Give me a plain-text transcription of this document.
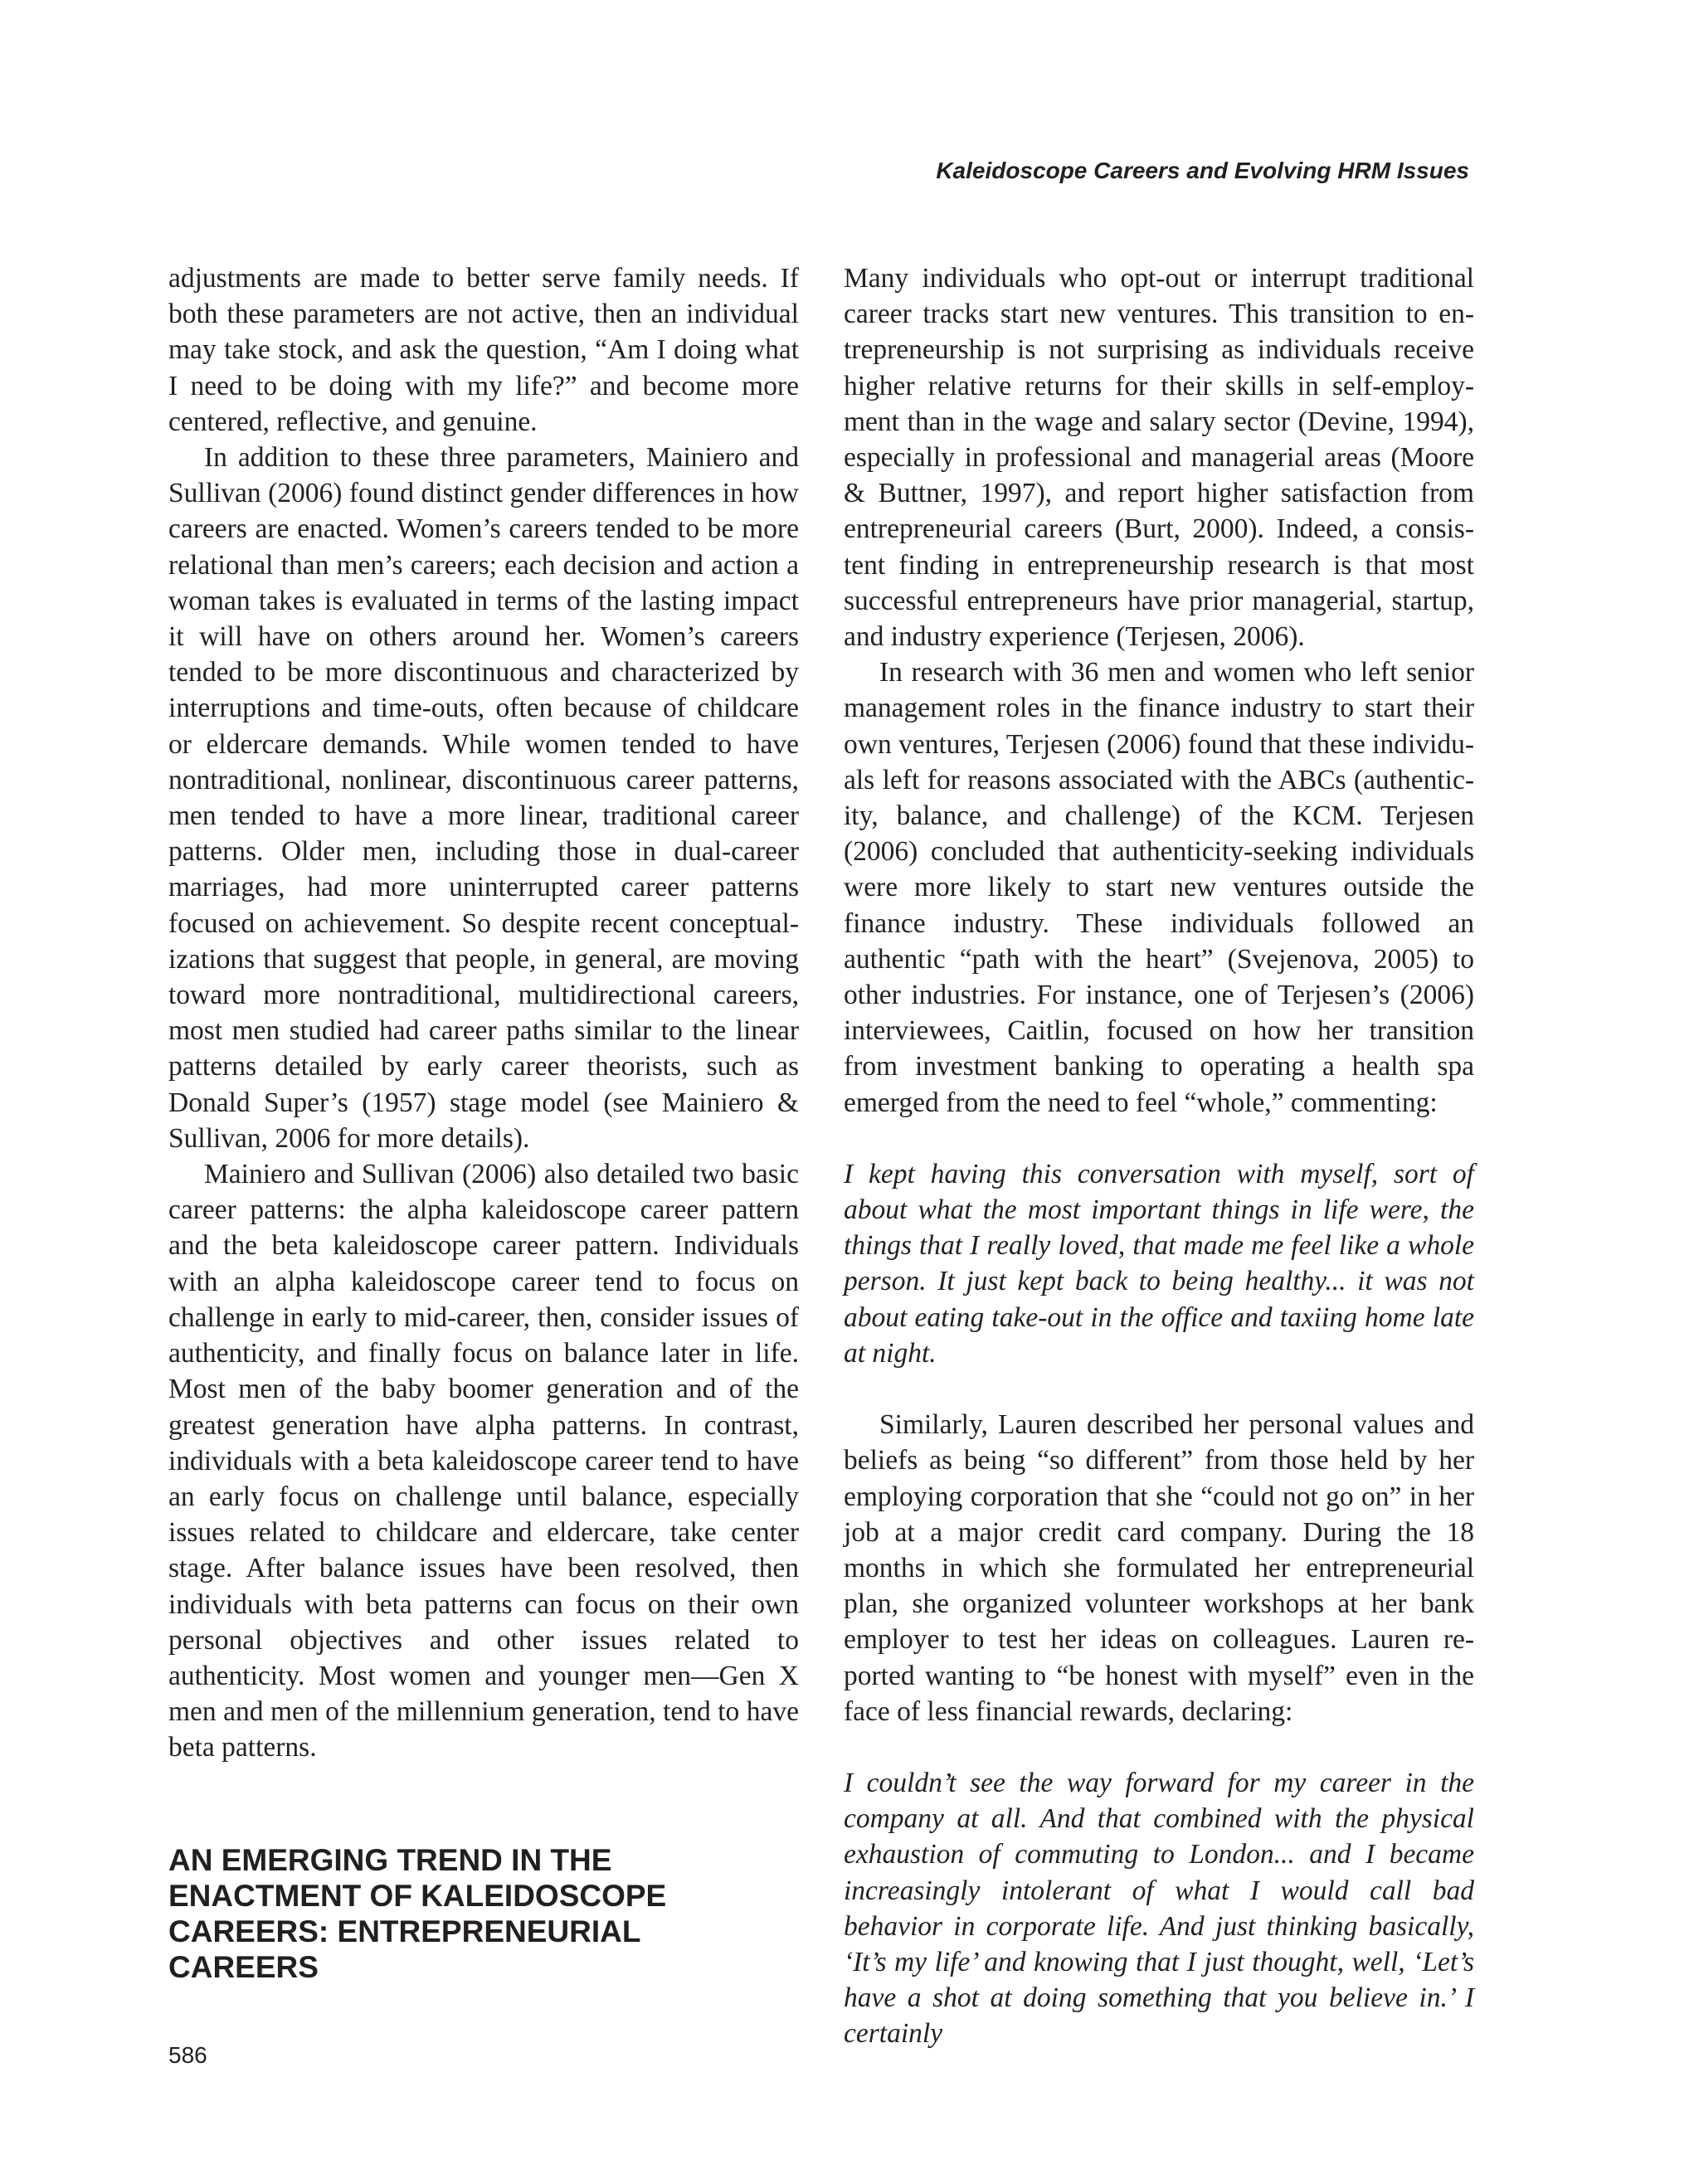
Kaleidoscope Careers and Evolving HRM Issues

adjustments are made to better serve family needs. If both these parameters are not active, then an individual may take stock, and ask the question, “Am I doing what I need to be doing with my life?” and become more centered, reflective, and genuine.

In addition to these three parameters, Mainiero and Sullivan (2006) found distinct gender differences in how careers are enacted. Women’s careers tended to be more relational than men’s careers; each decision and action a woman takes is evaluated in terms of the lasting impact it will have on others around her. Women’s careers tended to be more discontinuous and characterized by interruptions and time-outs, often because of childcare or eldercare demands. While women tended to have nontraditional, nonlinear, discontinuous career patterns, men tended to have a more linear, traditional career patterns. Older men, including those in dual-career marriages, had more uninterrupted career patterns focused on achievement. So despite recent conceptualizations that suggest that people, in general, are moving toward more nontraditional, multidirectional careers, most men studied had career paths similar to the linear patterns detailed by early career theorists, such as Donald Super’s (1957) stage model (see Mainiero & Sullivan, 2006 for more details).

Mainiero and Sullivan (2006) also detailed two basic career patterns: the alpha kaleidoscope career pattern and the beta kaleidoscope career pattern. Individuals with an alpha kaleidoscope career tend to focus on challenge in early to mid-career, then, consider issues of authenticity, and finally focus on balance later in life. Most men of the baby boomer generation and of the greatest generation have alpha patterns. In contrast, individuals with a beta kaleidoscope career tend to have an early focus on challenge until balance, especially issues related to childcare and eldercare, take center stage. After balance issues have been resolved, then individuals with beta patterns can focus on their own personal objectives and other issues related to authenticity. Most women and younger men—Gen X men and men of the millennium generation, tend to have beta patterns.

AN EMERGING TREND IN THE ENACTMENT OF KALEIDOSCOPE CAREERS: ENTREPRENEURIAL CAREERS

Many individuals who opt-out or interrupt traditional career tracks start new ventures. This transition to entrepreneurship is not surprising as individuals receive higher relative returns for their skills in self-employment than in the wage and salary sector (Devine, 1994), especially in professional and managerial areas (Moore & Buttner, 1997), and report higher satisfaction from entrepreneurial careers (Burt, 2000). Indeed, a consistent finding in entrepreneurship research is that most successful entrepreneurs have prior managerial, startup, and industry experience (Terjesen, 2006).

In research with 36 men and women who left senior management roles in the finance industry to start their own ventures, Terjesen (2006) found that these individuals left for reasons associated with the ABCs (authenticity, balance, and challenge) of the KCM. Terjesen (2006) concluded that authenticity-seeking individuals were more likely to start new ventures outside the finance industry. These individuals followed an authentic “path with the heart” (Svejenova, 2005) to other industries. For instance, one of Terjesen’s (2006) interviewees, Caitlin, focused on how her transition from investment banking to operating a health spa emerged from the need to feel “whole,” commenting:

I kept having this conversation with myself, sort of about what the most important things in life were, the things that I really loved, that made me feel like a whole person. It just kept back to being healthy... it was not about eating take-out in the office and taxiing home late at night.

Similarly, Lauren described her personal values and beliefs as being “so different” from those held by her employing corporation that she “could not go on” in her job at a major credit card company. During the 18 months in which she formulated her entrepreneurial plan, she organized volunteer workshops at her bank employer to test her ideas on colleagues. Lauren reported wanting to “be honest with myself” even in the face of less financial rewards, declaring:

I couldn’t see the way forward for my career in the company at all. And that combined with the physical exhaustion of commuting to London... and I became increasingly intolerant of what I would call bad behavior in corporate life. And just thinking basically, ‘It’s my life’ and knowing that I just thought, well, ‘Let’s have a shot at doing something that you believe in.’ I certainly

586
